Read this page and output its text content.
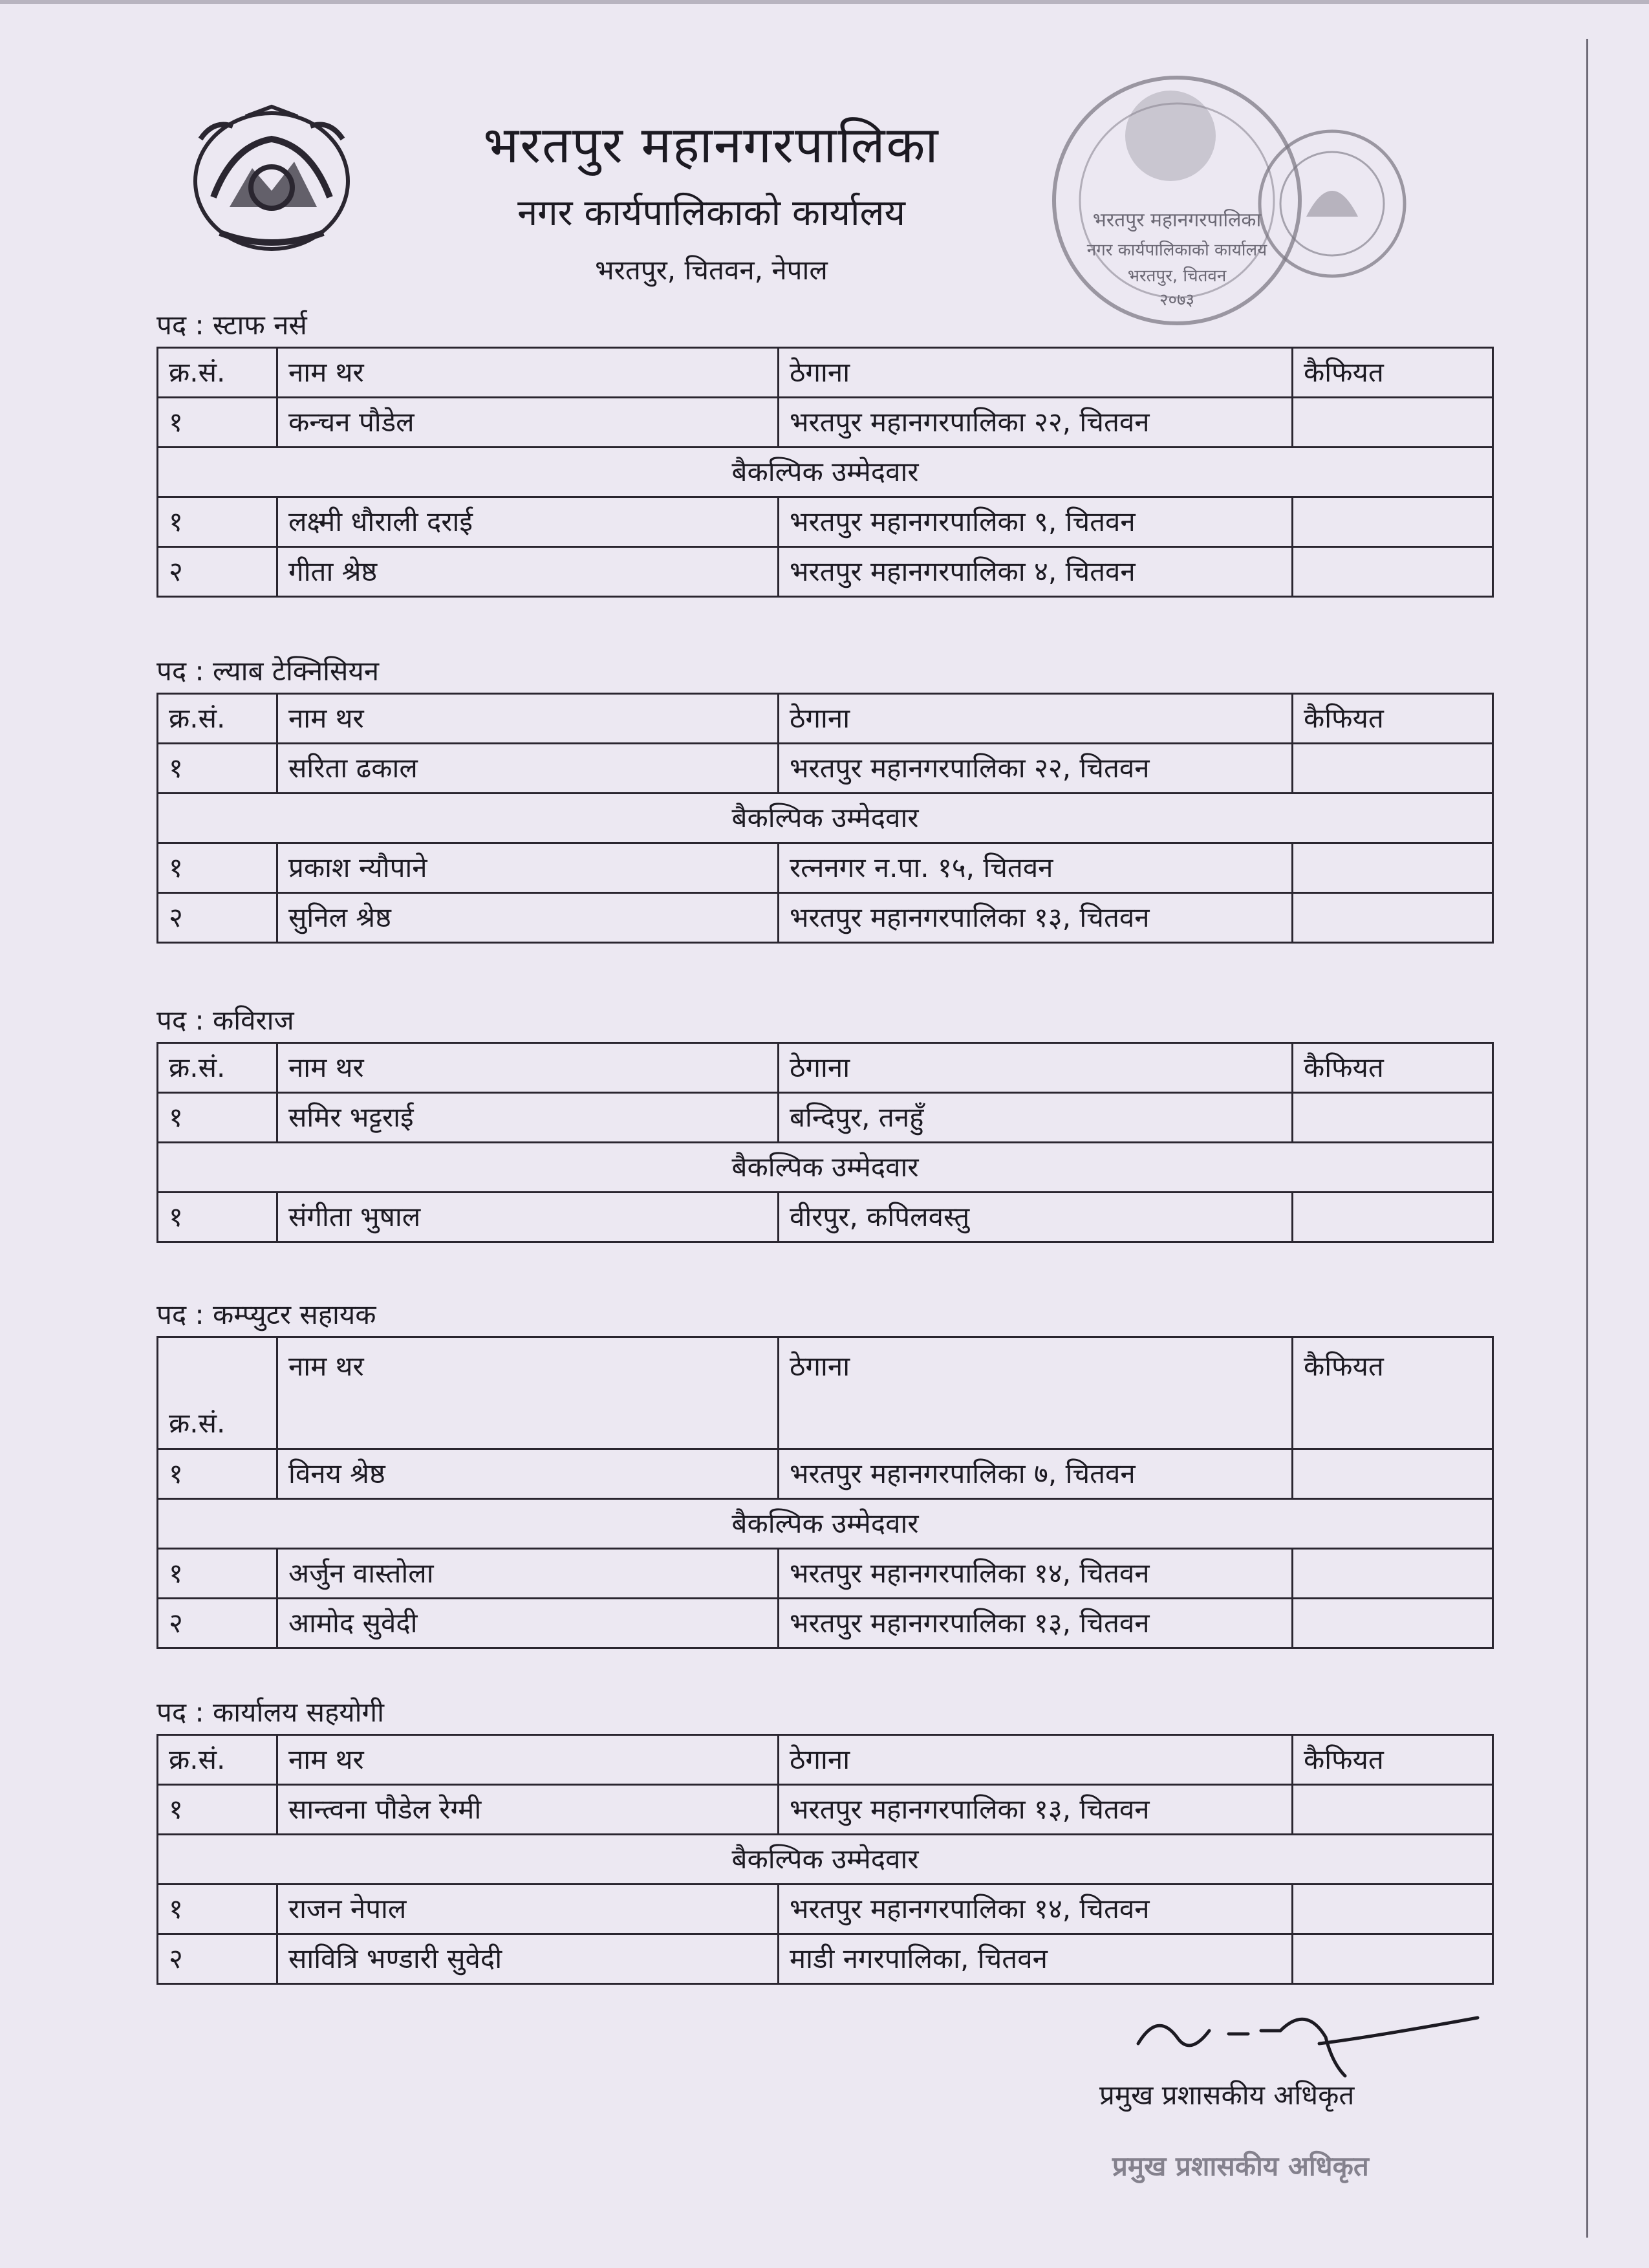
भरतपुर महानगरपालिका
नगर कार्यपालिकाको कार्यालय
भरतपुर, चितवन, नेपाल
भरतपुर महानगरपालिका
नगर कार्यपालिकाको कार्यालय
भरतपुर, चितवन
२०७३
पद : स्टाफ नर्स
क्र.सं.	नाम थर	ठेगाना	कैफियत
१	कन्चन पौडेल	भरतपुर महानगरपालिका २२, चितवन	
बैकल्पिक उम्मेदवार			
१	लक्ष्मी धौराली दराई	भरतपुर महानगरपालिका ९, चितवन	
२	गीता श्रेष्ठ	भरतपुर महानगरपालिका ४, चितवन	
पद : ल्याब टेक्निसियन
क्र.सं.	नाम थर	ठेगाना	कैफियत
१	सरिता ढकाल	भरतपुर महानगरपालिका २२, चितवन	
बैकल्पिक उम्मेदवार			
१	प्रकाश न्यौपाने	रत्ननगर न.पा. १५, चितवन	
२	सुनिल श्रेष्ठ	भरतपुर महानगरपालिका १३, चितवन	
पद : कविराज
क्र.सं.	नाम थर	ठेगाना	कैफियत
१	समिर भट्टराई	बन्दिपुर, तनहुँ	
बैकल्पिक उम्मेदवार			
१	संगीता भुषाल	वीरपुर, कपिलवस्तु	
पद : कम्प्युटर सहायक
क्र.सं.	नाम थर	ठेगाना	कैफियत
१	विनय श्रेष्ठ	भरतपुर महानगरपालिका ७, चितवन	
बैकल्पिक उम्मेदवार			
१	अर्जुन वास्तोला	भरतपुर महानगरपालिका १४, चितवन	
२	आमोद सुवेदी	भरतपुर महानगरपालिका १३, चितवन	
पद : कार्यालय सहयोगी
क्र.सं.	नाम थर	ठेगाना	कैफियत
१	सान्त्वना पौडेल रेग्मी	भरतपुर महानगरपालिका १३, चितवन	
बैकल्पिक उम्मेदवार			
१	राजन नेपाल	भरतपुर महानगरपालिका १४, चितवन	
२	सावित्रि भण्डारी सुवेदी	माडी नगरपालिका, चितवन	
प्रमुख प्रशासकीय अधिकृत
प्रमुख प्रशासकीय अधिकृत
